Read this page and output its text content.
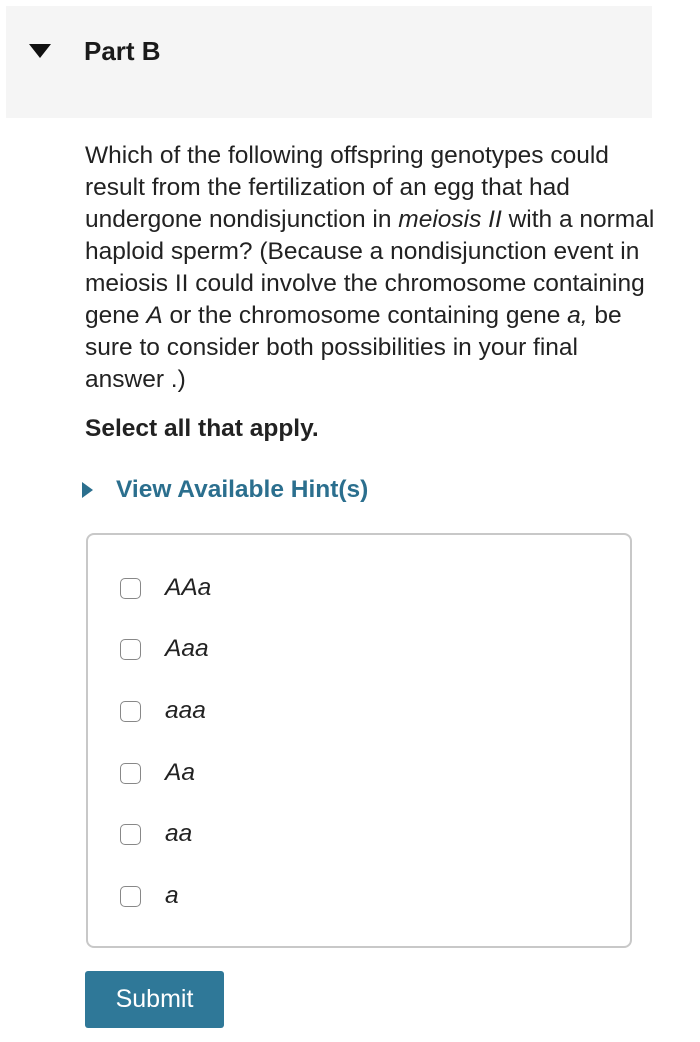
Part B

Which of the following offspring genotypes could result from the fertilization of an egg that had undergone nondisjunction in meiosis II with a normal haploid sperm? (Because a nondisjunction event in meiosis II could involve the chromosome containing gene A or the chromosome containing gene a, be sure to consider both possibilities in your final answer .)

Select all that apply.

View Available Hint(s)
AAa
Aaa
aaa
Aa
aa
a
Submit
